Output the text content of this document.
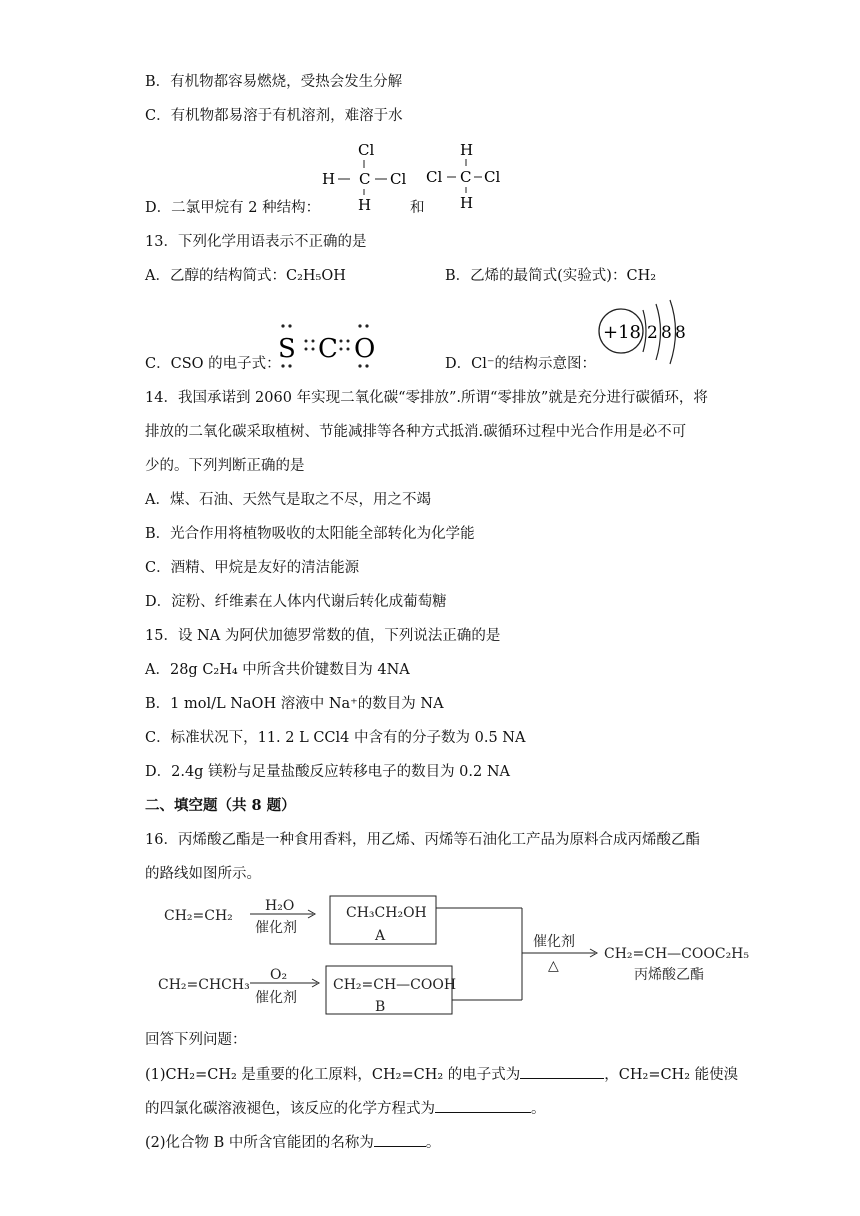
B．有机物都容易燃烧，受热会发生分解
C．有机物都易溶于有机溶剂，难溶于水
Cl
H C Cl
H
H
Cl C Cl
H
D．二氯甲烷有 2 种结构：	和
13．下列化学用语表示不正确的是
A．乙醇的结构简式：C₂H₅OH	B．乙烯的最简式(实验式)：CH₂
S C O
C．CSO 的电子式：
+18 2 8 8
D．Cl⁻的结构示意图：
14．我国承诺到 2060 年实现二氧化碳“零排放”.所谓“零排放”就是充分进行碳循环，将
排放的二氧化碳采取植树、节能减排等各种方式抵消.碳循环过程中光合作用是必不可
少的。下列判断正确的是
A．煤、石油、天然气是取之不尽，用之不竭
B．光合作用将植物吸收的太阳能全部转化为化学能
C．酒精、甲烷是友好的清洁能源
D．淀粉、纤维素在人体内代谢后转化成葡萄糖
15．设 NA 为阿伏加德罗常数的值，下列说法正确的是
A．28g C₂H₄ 中所含共价键数目为 4NA
B．1 mol/L NaOH 溶液中 Na⁺的数目为 NA
C．标准状况下，11. 2 L CCl4 中含有的分子数为 0.5 NA
D．2.4g 镁粉与足量盐酸反应转移电子的数目为 0.2 NA
二、填空题（共 8 题）
16．丙烯酸乙酯是一种食用香料，用乙烯、丙烯等石油化工产品为原料合成丙烯酸乙酯
的路线如图所示。
CH₂=CH₂
H₂O
催化剂
CH₃CH₂OH
A
CH₂=CHCH₃
O₂
催化剂
CH₂=CH—COOH
B
催化剂
△
CH₂=CH—COOC₂H₅
丙烯酸乙酯
回答下列问题：
(1)CH₂=CH₂ 是重要的化工原料，CH₂=CH₂ 的电子式为	，CH₂=CH₂ 能使溴
的四氯化碳溶液褪色，该反应的化学方程式为	。
(2)化合物 B 中所含官能团的名称为	。
